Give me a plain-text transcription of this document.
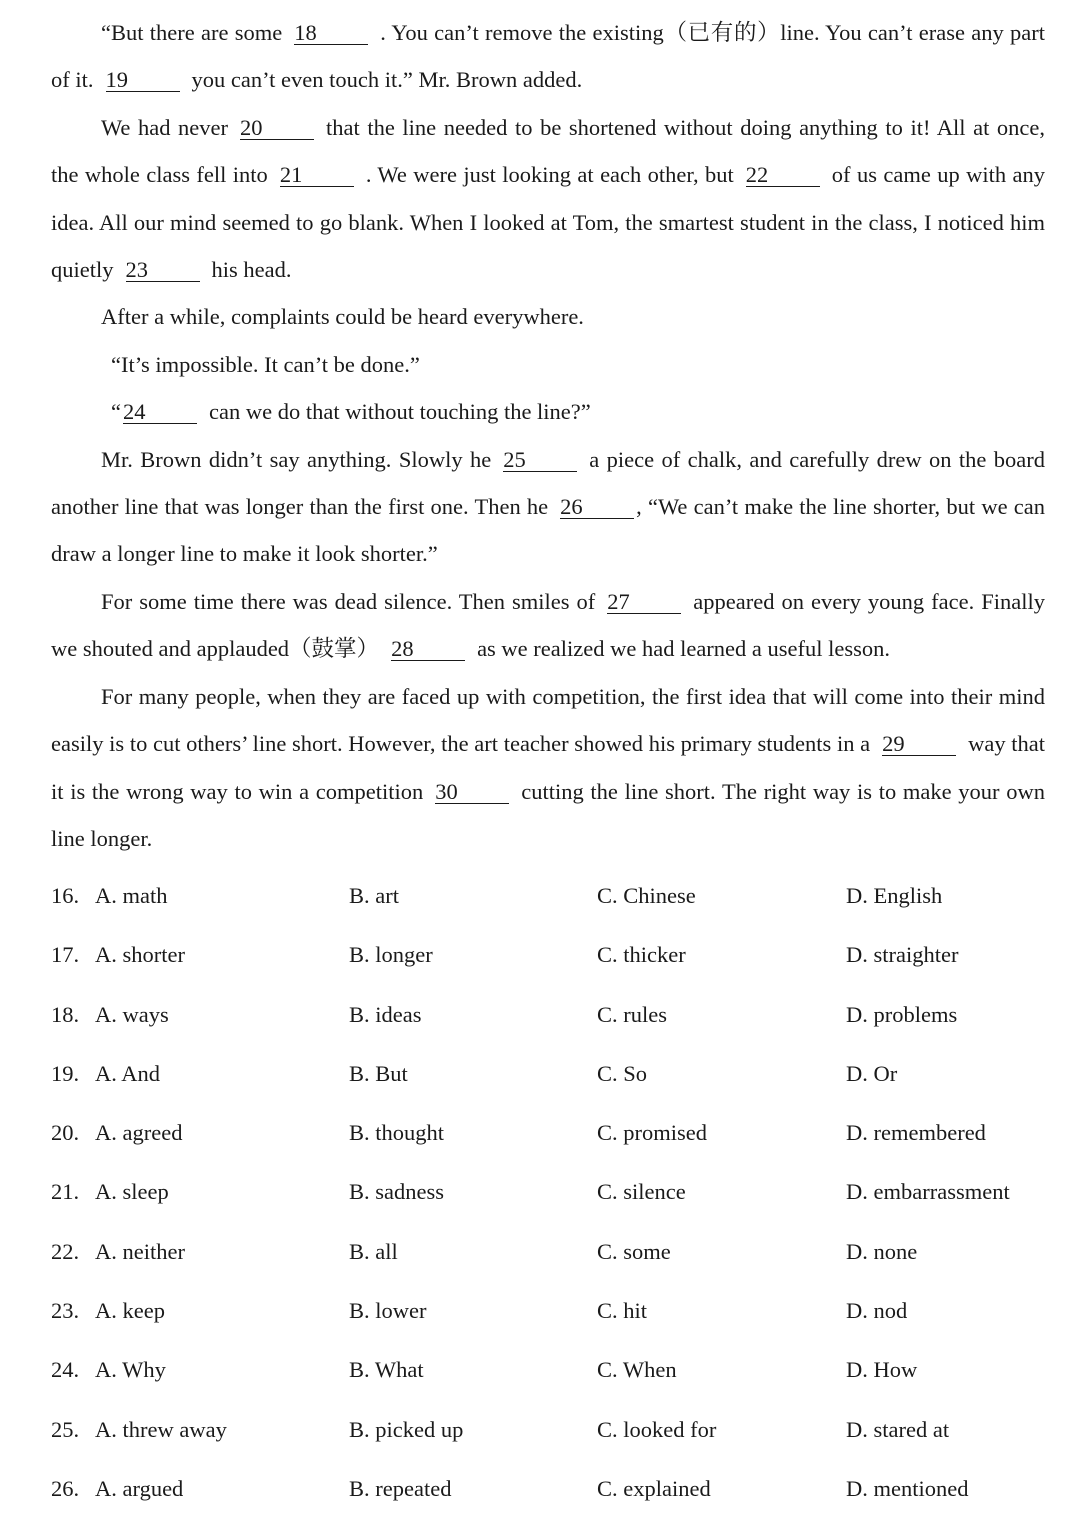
“But there are some 18	. You can’t remove the existing（已有的）line. You can’t erase any part of it. 19	you can’t even touch it.” Mr. Brown added.

We had never 20	that the line needed to be shortened without doing anything to it! All at once, the whole class fell into 21	. We were just looking at each other, but 22	of us came up with any idea. All our mind seemed to go blank. When I looked at Tom, the smartest student in the class, I noticed him quietly 23	his head.

After a while, complaints could be heard everywhere.

“It’s impossible. It can’t be done.”

“24	can we do that without touching the line?”

Mr. Brown didn’t say anything. Slowly he 25	a piece of chalk, and carefully drew on the board another line that was longer than the first one. Then he 26 , “We can’t make the line shorter, but we can draw a longer line to make it look shorter.”

For some time there was dead silence. Then smiles of 27	appeared on every young face. Finally we shouted and applauded（鼓掌） 28	as we realized we had learned a useful lesson.

For many people, when they are faced up with competition, the first idea that will come into their mind easily is to cut others’ line short. However, the art teacher showed his primary students in a 29	way that it is the wrong way to win a competition 30	cutting the line short. The right way is to make your own line longer.

16. A. math	B. art	C. Chinese	D. English
17. A. shorter	B. longer	C. thicker	D. straighter
18. A. ways	B. ideas	C. rules	D. problems
19. A. And	B. But	C. So	D. Or
20. A. agreed	B. thought	C. promised	D. remembered
21. A. sleep	B. sadness	C. silence	D. embarrassment
22. A. neither	B. all	C. some	D. none
23. A. keep	B. lower	C. hit	D. nod
24. A. Why	B. What	C. When	D. How
25. A. threw away	B. picked up	C. looked for	D. stared at
26. A. argued	B. repeated	C. explained	D. mentioned
